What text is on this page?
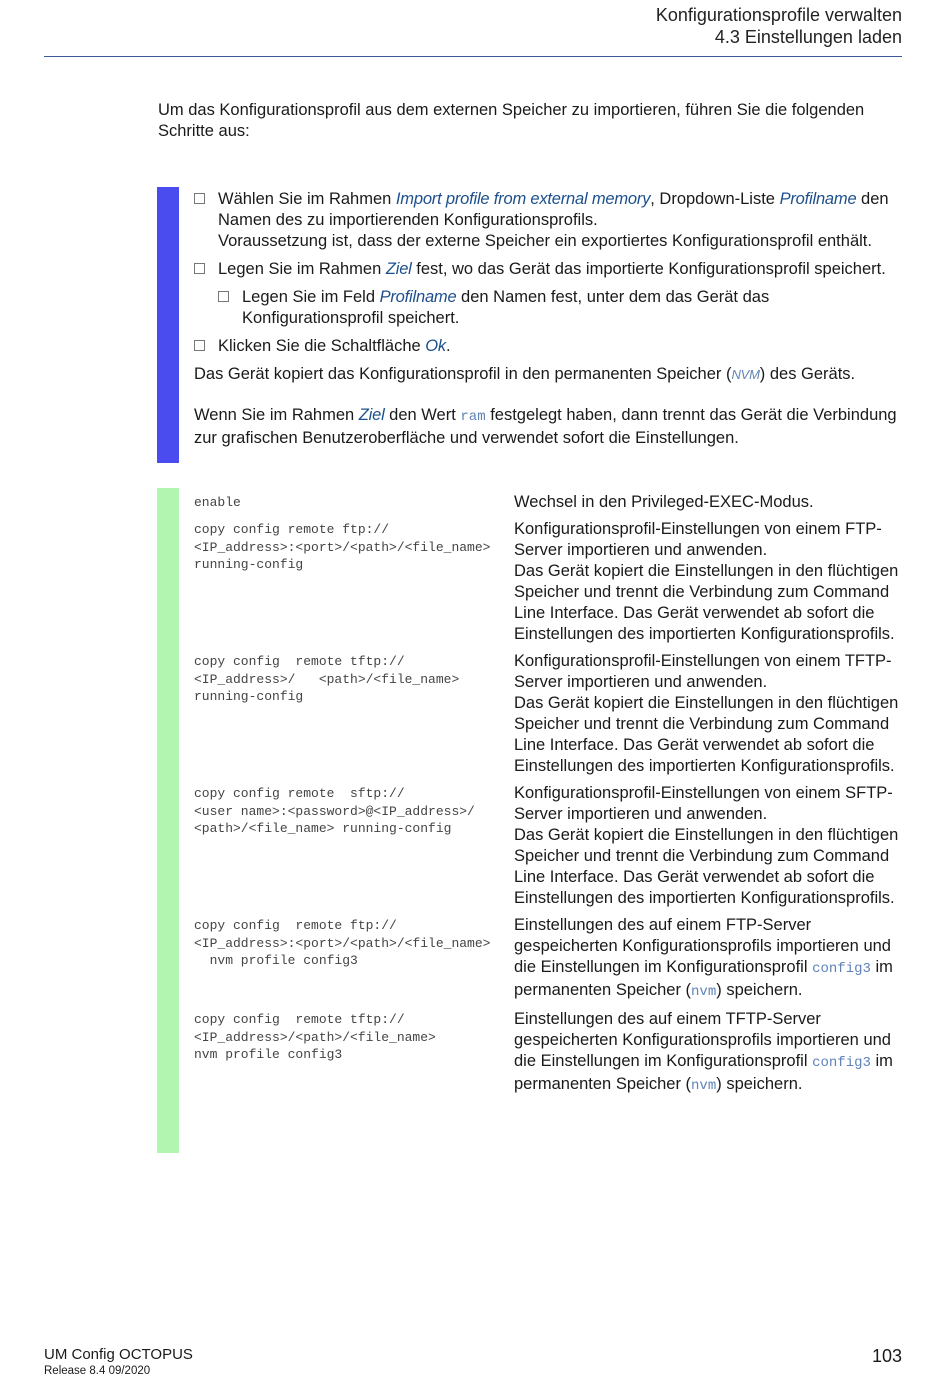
Konfigurationsprofile verwalten
4.3 Einstellungen laden
Um das Konfigurationsprofil aus dem externen Speicher zu importieren, führen Sie die folgenden Schritte aus:
Wählen Sie im Rahmen Import profile from external memory, Dropdown-Liste Profilname den Namen des zu importierenden Konfigurationsprofils.
Voraussetzung ist, dass der externe Speicher ein exportiertes Konfigurationsprofil enthält.
Legen Sie im Rahmen Ziel fest, wo das Gerät das importierte Konfigurationsprofil speichert.
Legen Sie im Feld Profilname den Namen fest, unter dem das Gerät das Konfigurationsprofil speichert.
Klicken Sie die Schaltfläche Ok.
Das Gerät kopiert das Konfigurationsprofil in den permanenten Speicher (NVM) des Geräts.
Wenn Sie im Rahmen Ziel den Wert ram festgelegt haben, dann trennt das Gerät die Verbindung zur grafischen Benutzeroberfläche und verwendet sofort die Einstellungen.
enable	Wechsel in den Privileged-EXEC-Modus.
copy config remote ftp://
<IP_address>:<port>/<path>/<file_name>
running-config
Konfigurationsprofil-Einstellungen von einem FTP-Server importieren und anwenden.
Das Gerät kopiert die Einstellungen in den flüchtigen Speicher und trennt die Verbindung zum Command Line Interface. Das Gerät verwendet ab sofort die Einstellungen des importierten Konfigurationsprofils.
copy config  remote tftp://
<IP_address>/   <path>/<file_name>
running-config
Konfigurationsprofil-Einstellungen von einem TFTP-Server importieren und anwenden.
Das Gerät kopiert die Einstellungen in den flüchtigen Speicher und trennt die Verbindung zum Command Line Interface. Das Gerät verwendet ab sofort die Einstellungen des importierten Konfigurationsprofils.
copy config remote  sftp://
<user name>:<password>@<IP_address>/
<path>/<file_name> running-config
Konfigurationsprofil-Einstellungen von einem SFTP-Server importieren und anwenden.
Das Gerät kopiert die Einstellungen in den flüchtigen Speicher und trennt die Verbindung zum Command Line Interface. Das Gerät verwendet ab sofort die Einstellungen des importierten Konfigurationsprofils.
copy config  remote ftp://
<IP_address>:<port>/<path>/<file_name>
nvm profile config3
Einstellungen des auf einem FTP-Server gespeicherten Konfigurationsprofils importieren und die Einstellungen im Konfigurationsprofil config3 im permanenten Speicher (nvm) speichern.
copy config  remote tftp://
<IP_address>/<path>/<file_name>
nvm profile config3
Einstellungen des auf einem TFTP-Server gespeicherten Konfigurationsprofils importieren und die Einstellungen im Konfigurationsprofil config3 im permanenten Speicher (nvm) speichern.
UM Config OCTOPUS
Release 8.4 09/2020
103
